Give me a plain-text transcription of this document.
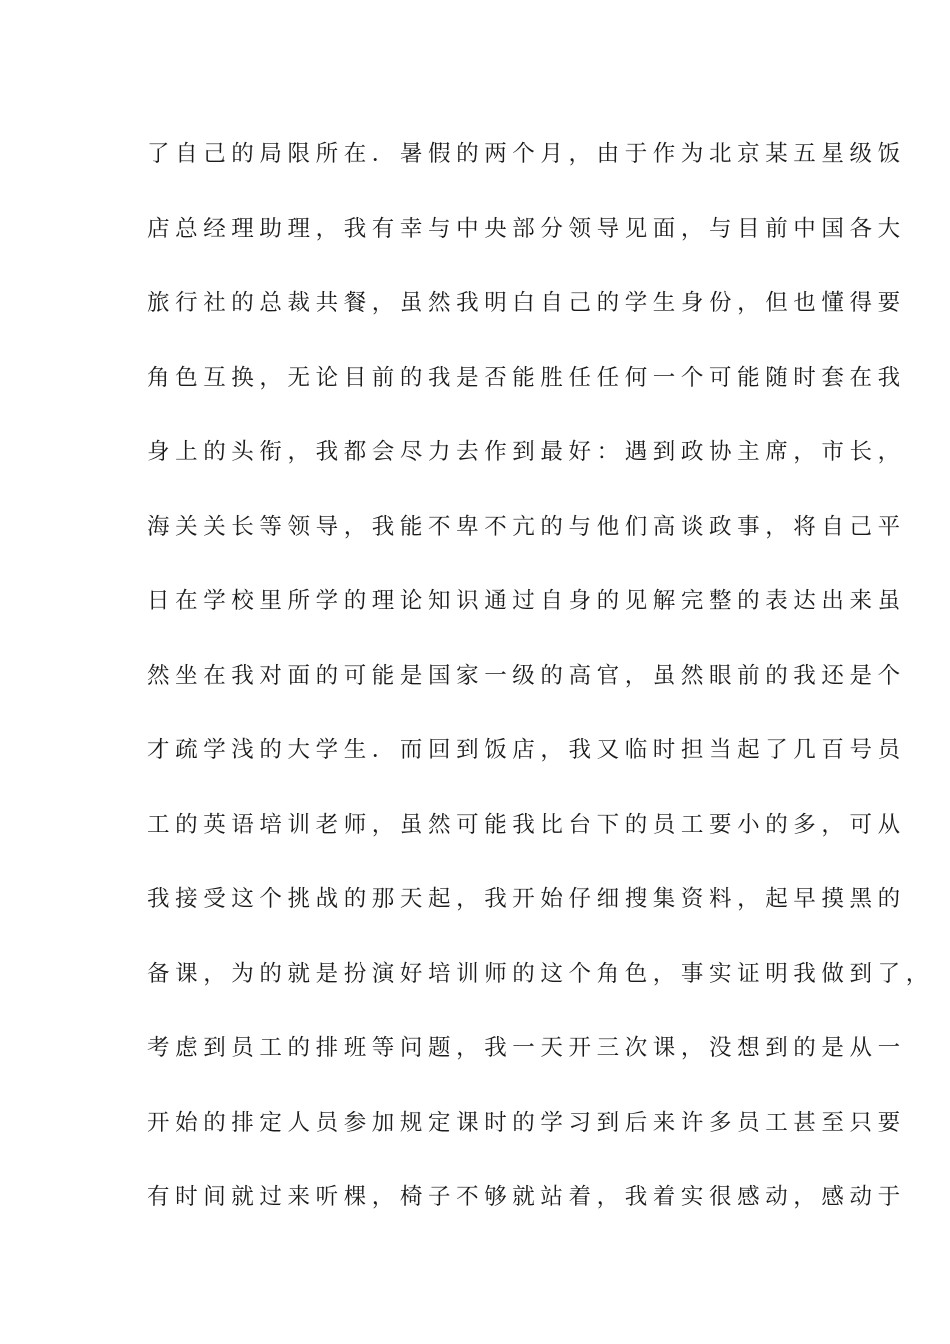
了自己的局限所在．暑假的两个月，由于作为北京某五星级饭
店总经理助理，我有幸与中央部分领导见面，与目前中国各大
旅行社的总裁共餐，虽然我明白自己的学生身份，但也懂得要
角色互换，无论目前的我是否能胜任任何一个可能随时套在我
身上的头衔，我都会尽力去作到最好：遇到政协主席，市长，
海关关长等领导，我能不卑不亢的与他们高谈政事，将自己平
日在学校里所学的理论知识通过自身的见解完整的表达出来虽
然坐在我对面的可能是国家一级的高官，虽然眼前的我还是个
才疏学浅的大学生．而回到饭店，我又临时担当起了几百号员
工的英语培训老师，虽然可能我比台下的员工要小的多，可从
我接受这个挑战的那天起，我开始仔细搜集资料，起早摸黑的
备课，为的就是扮演好培训师的这个角色，事实证明我做到了，
考虑到员工的排班等问题，我一天开三次课，没想到的是从一
开始的排定人员参加规定课时的学习到后来许多员工甚至只要
有时间就过来听棵，椅子不够就站着，我着实很感动，感动于
